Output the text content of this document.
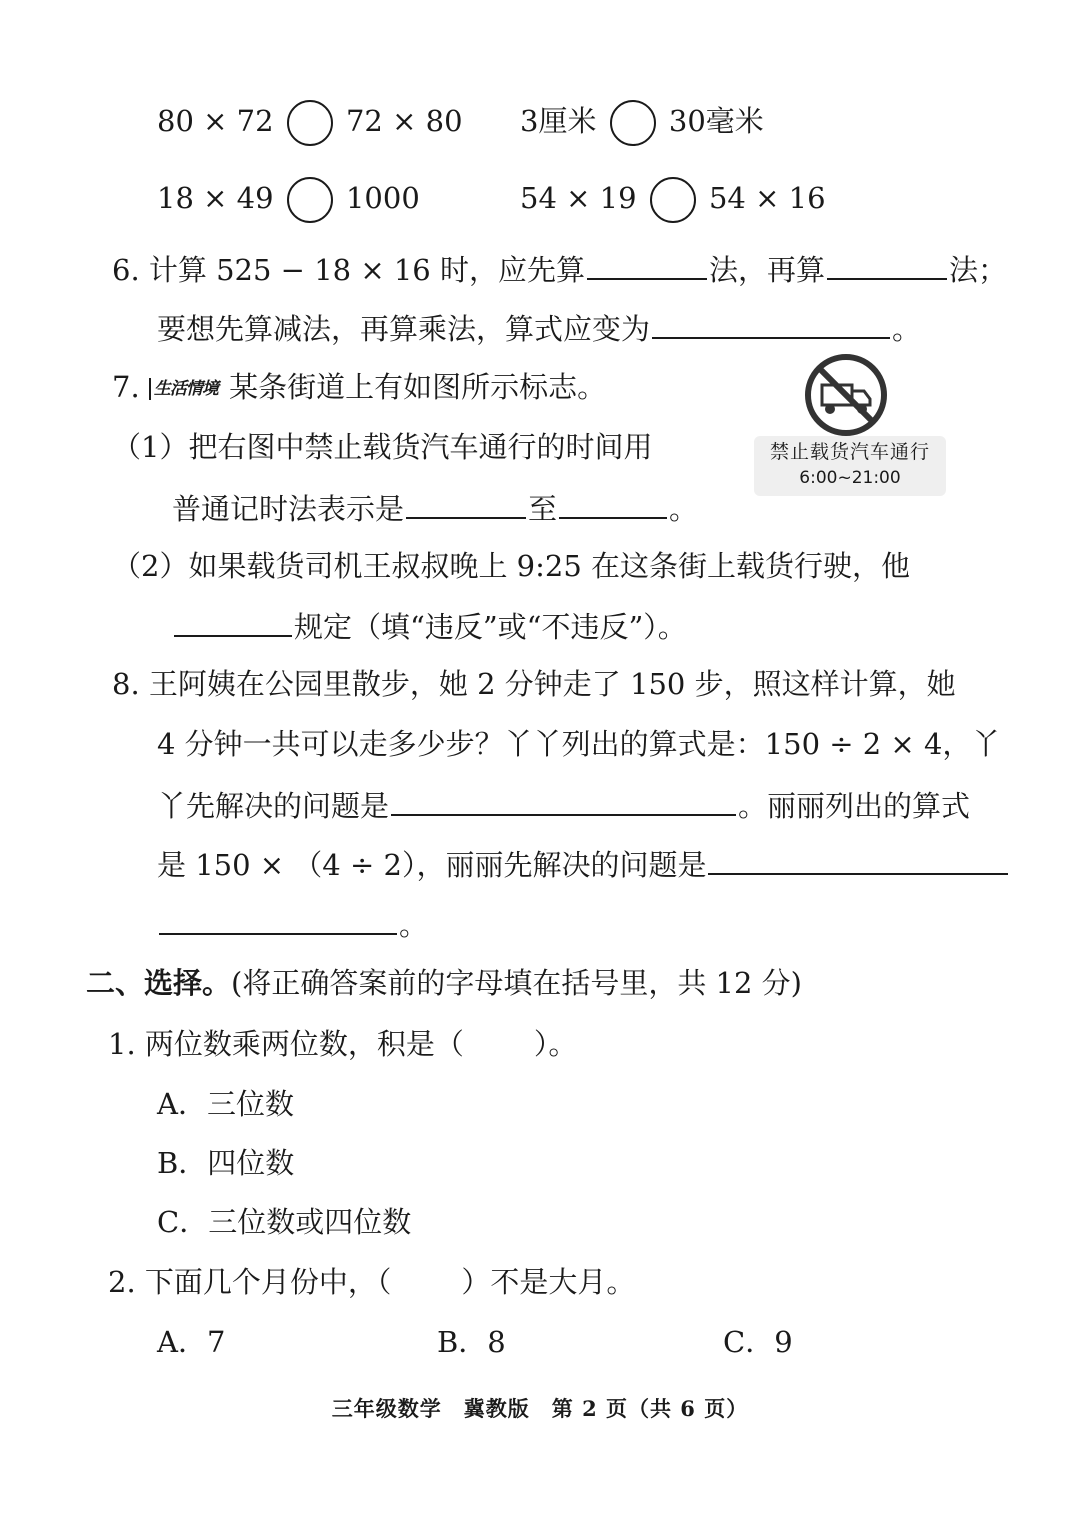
80 × 72 72 × 80 3厘米 30毫米
18 × 49 1000	54 × 19 54 × 16
6. 计算 525 − 18 × 16 时，应先算	法，再算	法；
要想先算减法，再算乘法，算式应变为	。
7. 生活情境 某条街道上有如图所示标志。
禁止载货汽车通行
6:00~21:00
（1）把右图中禁止载货汽车通行的时间用
普通记时法表示是	至	。
（2）如果载货司机王叔叔晚上 9:25 在这条街上载货行驶，他
规定（填“违反”或“不违反”）。
8. 王阿姨在公园里散步，她 2 分钟走了 150 步，照这样计算，她
4 分钟一共可以走多少步？丫丫列出的算式是：150 ÷ 2 × 4，丫
丫先解决的问题是	。丽丽列出的算式
是 150 × （4 ÷ 2），丽丽先解决的问题是
。
二、选择。(将正确答案前的字母填在括号里，共 12 分)
1. 两位数乘两位数，积是（ ）。
A．三位数
B．四位数
C．三位数或四位数
2. 下面几个月份中，（ ）不是大月。
A．7	B．8	C．9
三年级数学　冀教版　第 2 页（共 6 页）
